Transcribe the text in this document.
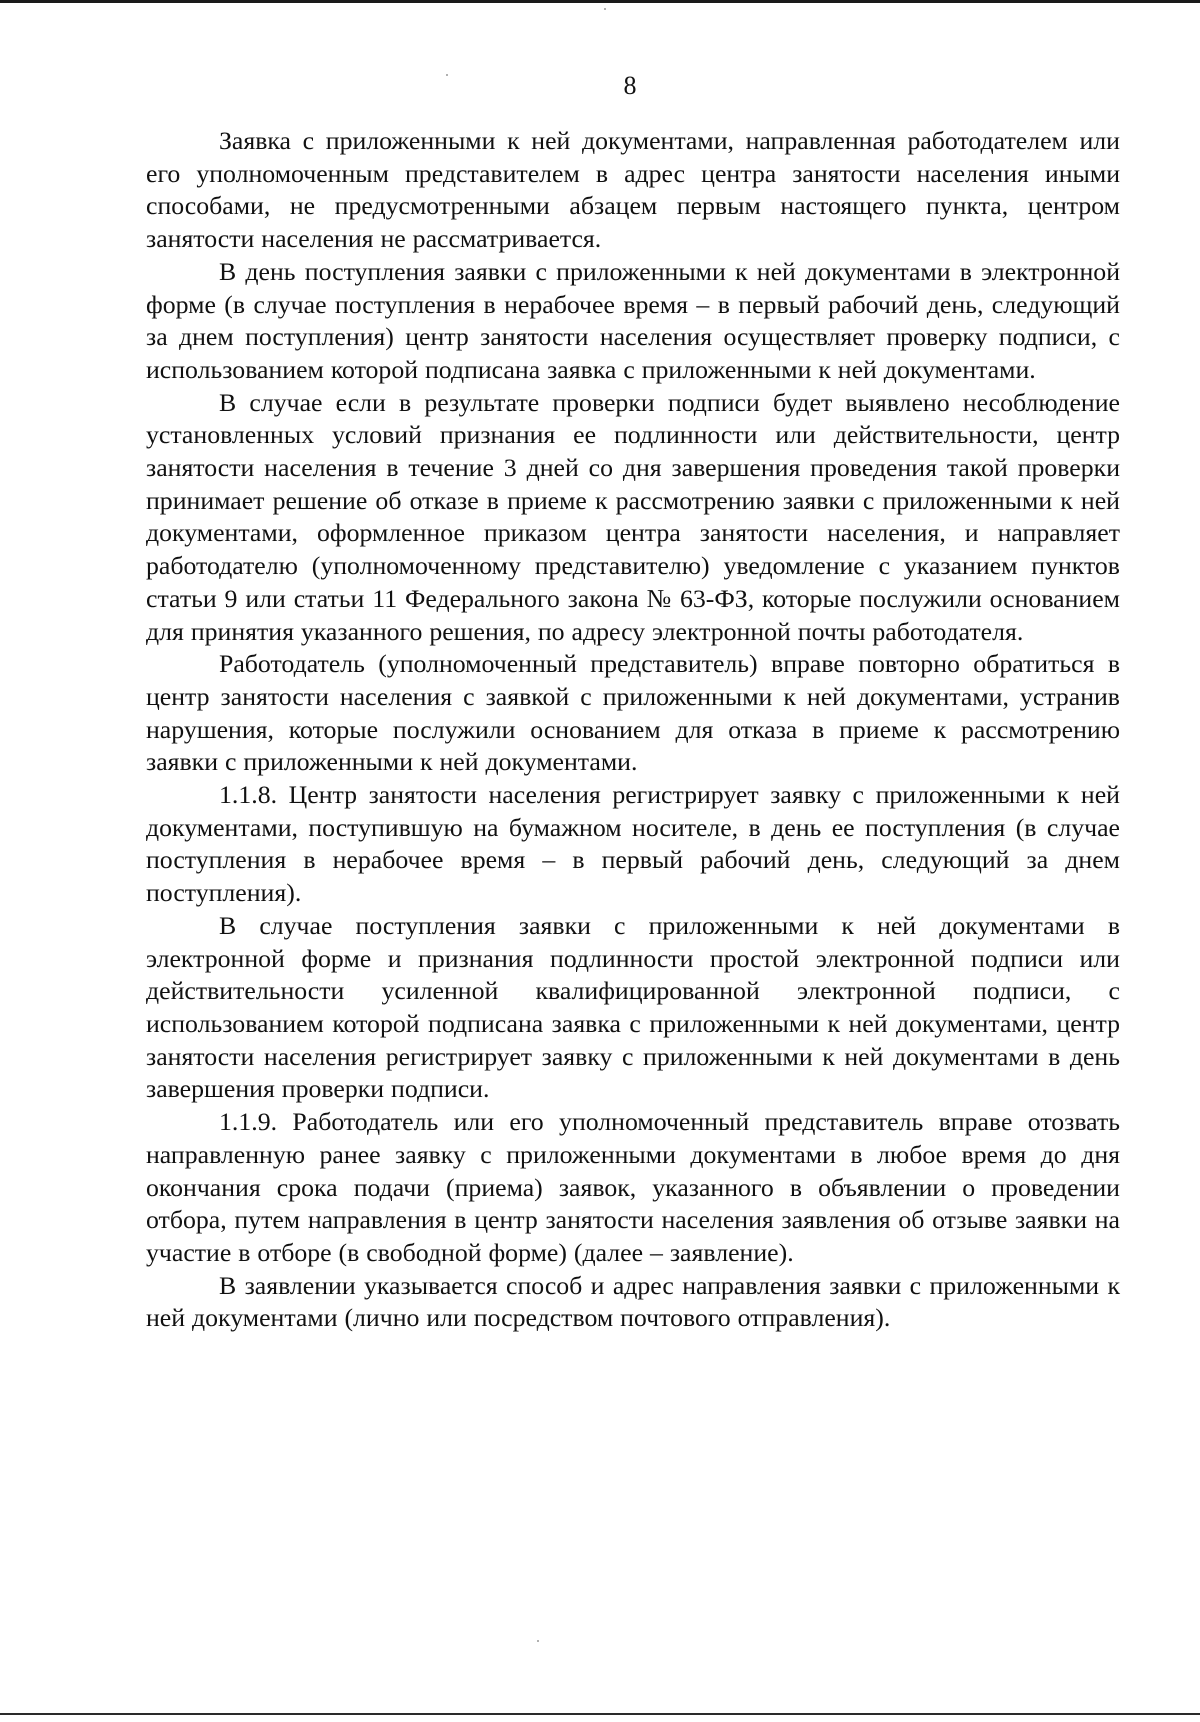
8

Заявка с приложенными к ней документами, направленная работодателем или его уполномоченным представителем в адрес центра занятости населения иными способами, не предусмотренными абзацем первым настоящего пункта, центром занятости населения не рассматривается.

В день поступления заявки с приложенными к ней документами в электронной форме (в случае поступления в нерабочее время – в первый рабочий день, следующий за днем поступления) центр занятости населения осуществляет проверку подписи, с использованием которой подписана заявка с приложенными к ней документами.

В случае если в результате проверки подписи будет выявлено несоблюдение установленных условий признания ее подлинности или действительности, центр занятости населения в течение 3 дней со дня завершения проведения такой проверки принимает решение об отказе в приеме к рассмотрению заявки с приложенными к ней документами, оформленное приказом центра занятости населения, и направляет работодателю (уполномоченному представителю) уведомление с указанием пунктов статьи 9 или статьи 11 Федерального закона № 63-ФЗ, которые послужили основанием для принятия указанного решения, по адресу электронной почты работодателя.

Работодатель (уполномоченный представитель) вправе повторно обратиться в центр занятости населения с заявкой с приложенными к ней документами, устранив нарушения, которые послужили основанием для отказа в приеме к рассмотрению заявки с приложенными к ней документами.

1.1.8. Центр занятости населения регистрирует заявку с приложенными к ней документами, поступившую на бумажном носителе, в день ее поступления (в случае поступления в нерабочее время – в первый рабочий день, следующий за днем поступления).

В случае поступления заявки с приложенными к ней документами в электронной форме и признания подлинности простой электронной подписи или действительности усиленной квалифицированной электронной подписи, с использованием которой подписана заявка с приложенными к ней документами, центр занятости населения регистрирует заявку с приложенными к ней документами в день завершения проверки подписи.

1.1.9. Работодатель или его уполномоченный представитель вправе отозвать направленную ранее заявку с приложенными документами в любое время до дня окончания срока подачи (приема) заявок, указанного в объявлении о проведении отбора, путем направления в центр занятости населения заявления об отзыве заявки на участие в отборе (в свободной форме) (далее – заявление).

В заявлении указывается способ и адрес направления заявки с приложенными к ней документами (лично или посредством почтового отправления).
